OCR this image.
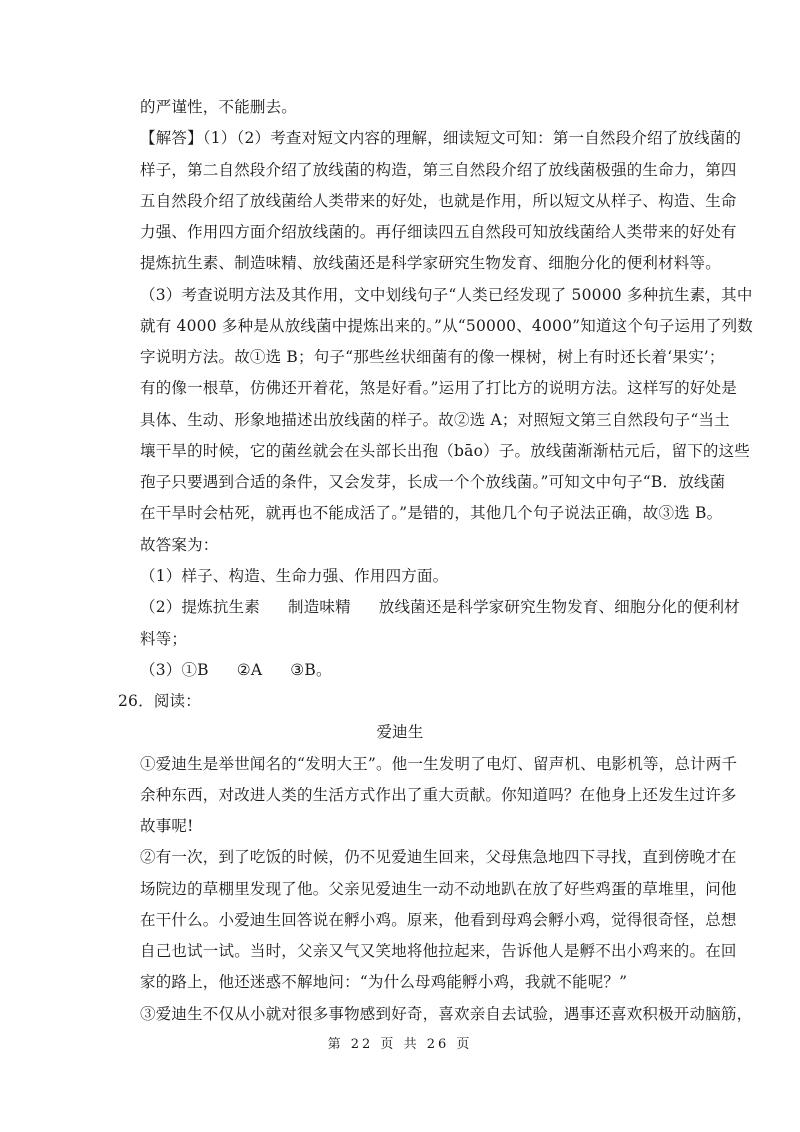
的严谨性，不能删去。
【解答】（1）（2）考查对短文内容的理解，细读短文可知：第一自然段介绍了放线菌的
样子，第二自然段介绍了放线菌的构造，第三自然段介绍了放线菌极强的生命力，第四
五自然段介绍了放线菌给人类带来的好处，也就是作用，所以短文从样子、构造、生命
力强、作用四方面介绍放线菌的。再仔细读四五自然段可知放线菌给人类带来的好处有
提炼抗生素、制造味精、放线菌还是科学家研究生物发育、细胞分化的便利材料等。
（3）考查说明方法及其作用，文中划线句子“人类已经发现了 50000 多种抗生素，其中
就有 4000 多种是从放线菌中提炼出来的。”从“50000、4000”知道这个句子运用了列数
字说明方法。故①选 B；句子“那些丝状细菌有的像一棵树，树上有时还长着‘果实’；
有的像一根草，仿佛还开着花，煞是好看。”运用了打比方的说明方法。这样写的好处是
具体、生动、形象地描述出放线菌的样子。故②选 A；对照短文第三自然段句子“当土
壤干旱的时候，它的菌丝就会在头部长出孢（bāo）子。放线菌渐渐枯元后，留下的这些
孢子只要遇到合适的条件，又会发芽，长成一个个放线菌。”可知文中句子“B．放线菌
在干旱时会枯死，就再也不能成活了。”是错的，其他几个句子说法正确，故③选 B。
故答案为：
（1）样子、构造、生命力强、作用四方面。
（2）提炼抗生素 制造味精 放线菌还是科学家研究生物发育、细胞分化的便利材
料等；
（3）①B ②A ③B。
26．阅读：
爱迪生
①爱迪生是举世闻名的“发明大王”。他一生发明了电灯、留声机、电影机等，总计两千
余种东西，对改进人类的生活方式作出了重大贡献。你知道吗？在他身上还发生过许多
故事呢!
②有一次，到了吃饭的时候，仍不见爱迪生回来，父母焦急地四下寻找，直到傍晚才在
场院边的草棚里发现了他。父亲见爱迪生一动不动地趴在放了好些鸡蛋的草堆里，问他
在干什么。小爱迪生回答说在孵小鸡。原来，他看到母鸡会孵小鸡，觉得很奇怪，总想
自己也试一试。当时，父亲又气又笑地将他拉起来，告诉他人是孵不出小鸡来的。在回
家的路上，他还迷惑不解地问：“为什么母鸡能孵小鸡，我就不能呢？”
③爱迪生不仅从小就对很多事物感到好奇，喜欢亲自去试验，遇事还喜欢积极开动脑筋，
第 22 页 共 26 页
